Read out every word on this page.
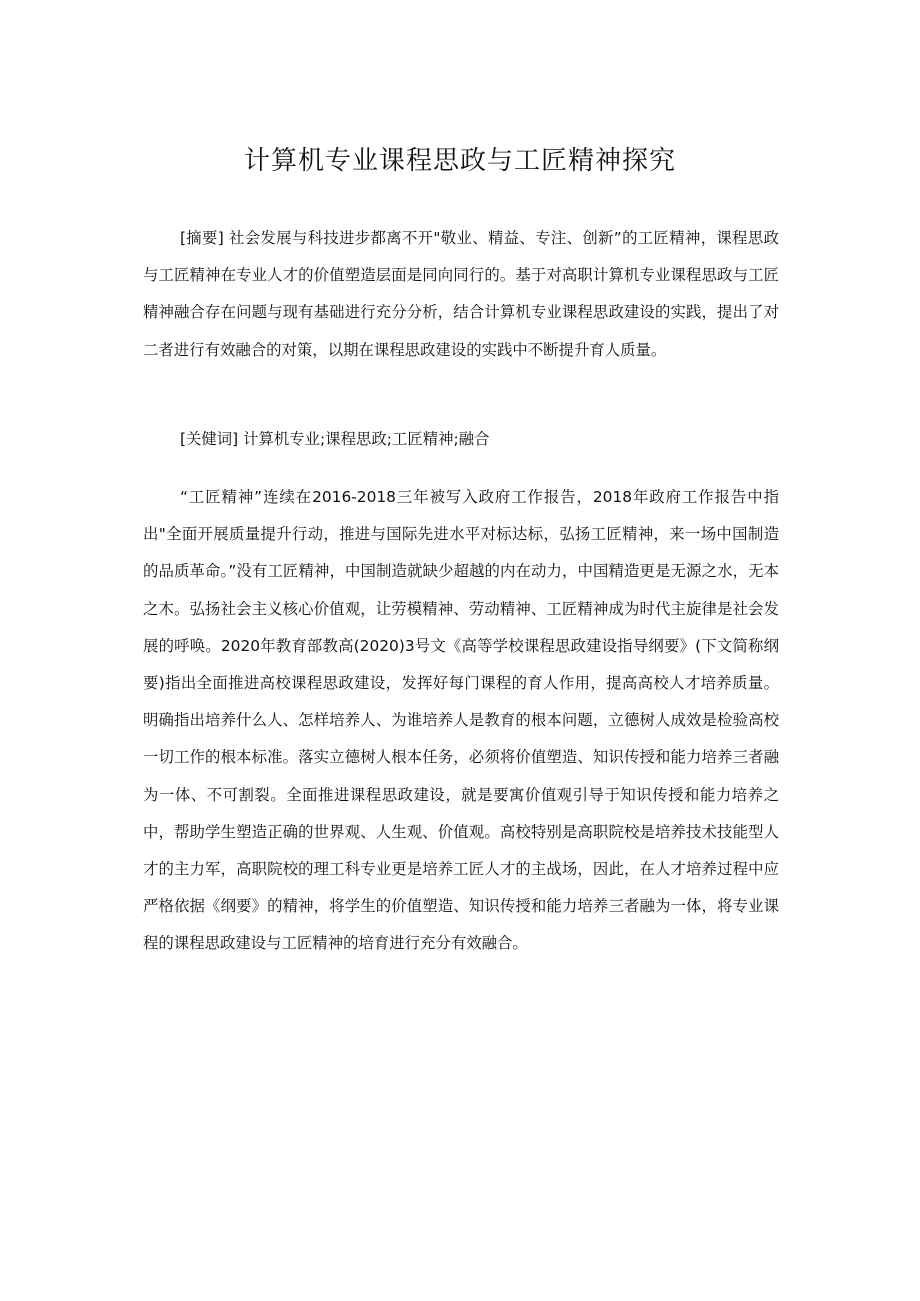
计算机专业课程思政与工匠精神探究

[摘要] 社会发展与科技进步都离不开"敬业、精益、专注、创新”的工匠精神，课程思政与工匠精神在专业人才的价值塑造层面是同向同行的。基于对高职计算机专业课程思政与工匠精神融合存在问题与现有基础进行充分分析，结合计算机专业课程思政建设的实践，提出了对二者进行有效融合的对策，以期在课程思政建设的实践中不断提升育人质量。

[关健词] 计算机专业;课程思政;工匠精神;融合

“工匠精神”连续在2016-2018三年被写入政府工作报告，2018年政府工作报告中指出"全面开展质量提升行动，推进与国际先进水平对标达标，弘扬工匠精神，来一场中国制造的品质革命。”没有工匠精神，中国制造就缺少超越的内在动力，中国精造更是无源之水，无本之木。弘扬社会主义核心价值观，让劳模精神、劳动精神、工匠精神成为时代主旋律是社会发展的呼唤。2020年教育部教高(2020)3号文《高等学校课程思政建设指导纲要》(下文简称纲要)指出全面推进高校课程思政建设，发挥好每门课程的育人作用，提高高校人才培养质量。明确指出培养什么人、怎样培养人、为谁培养人是教育的根本问题，立德树人成效是检验高校一切工作的根本标准。落实立德树人根本任务，必须将价值塑造、知识传授和能力培养三者融为一体、不可割裂。全面推进课程思政建设，就是要寓价值观引导于知识传授和能力培养之中，帮助学生塑造正确的世界观、人生观、价值观。高校特别是高职院校是培养技术技能型人才的主力军，高职院校的理工科专业更是培养工匠人才的主战场，因此，在人才培养过程中应严格依据《纲要》的精神，将学生的价值塑造、知识传授和能力培养三者融为一体，将专业课程的课程思政建设与工匠精神的培育进行充分有效融合。
